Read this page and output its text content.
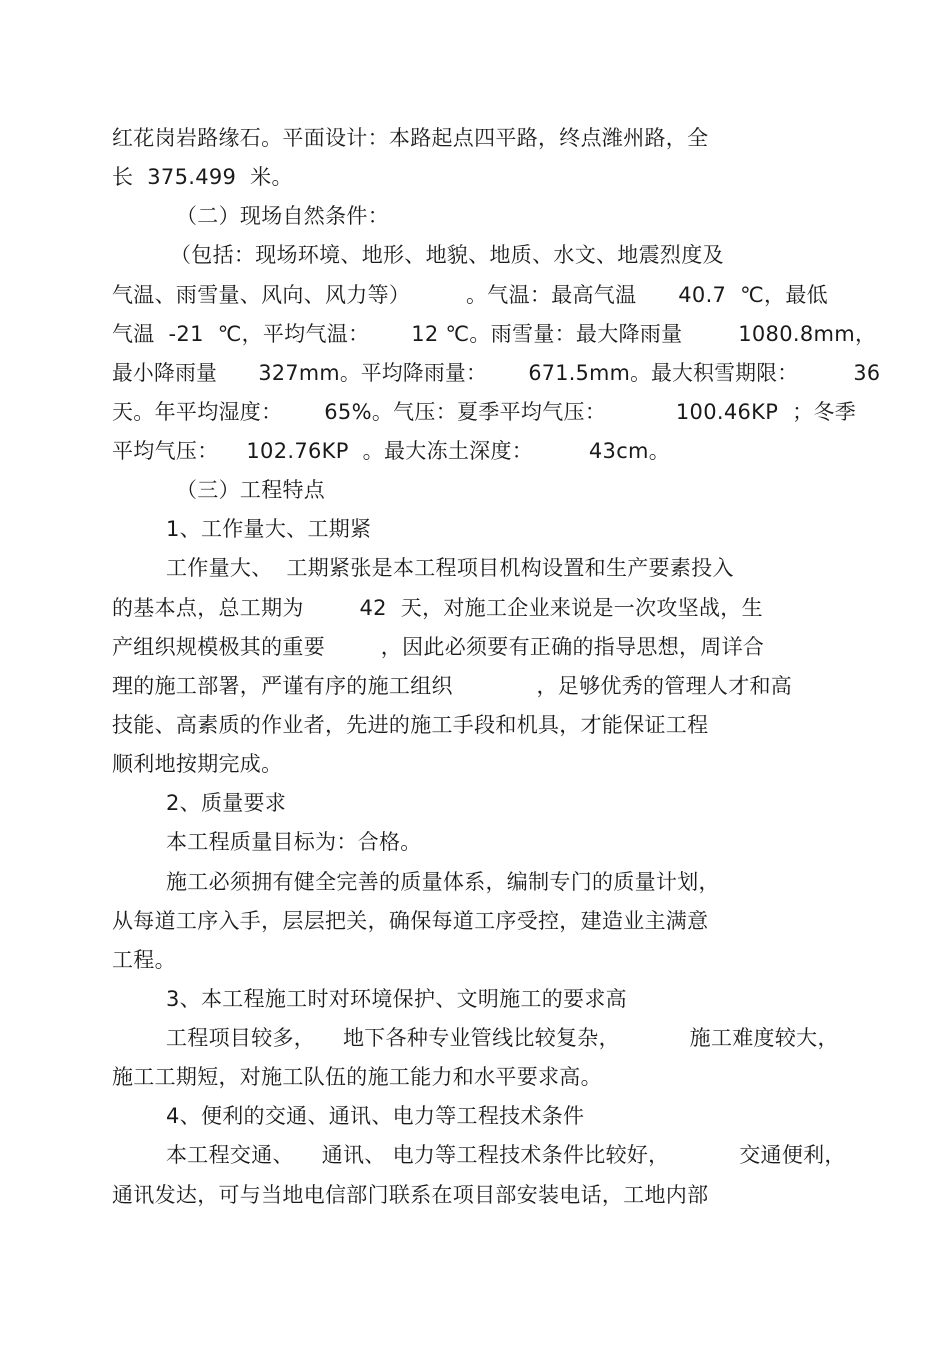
红花岗岩路缘石。平面设计：本路起点四平路，终点潍州路，全
长  375.499  米。
（二）现场自然条件：
（包括：现场环境、地形、地貌、地质、水文、地震烈度及
气温、雨雪量、风向、风力等）        。气温：最高气温      40.7  ℃，最低
气温  -21  ℃，平均气温：      12 ℃。雨雪量：最大降雨量        1080.8mm，
最小降雨量      327mm。平均降雨量：      671.5mm。最大积雪期限：        36
天。年平均湿度：      65%。气压：夏季平均气压：          100.46KP  ；冬季
平均气压：    102.76KP  。最大冻土深度：        43cm。
（三）工程特点
1、工作量大、工期紧
工作量大、  工期紧张是本工程项目机构设置和生产要素投入
的基本点，总工期为        42  天，对施工企业来说是一次攻坚战，生
产组织规模极其的重要        ，因此必须要有正确的指导思想，周详合
理的施工部署，严谨有序的施工组织            ，足够优秀的管理人才和高
技能、高素质的作业者，先进的施工手段和机具，才能保证工程
顺利地按期完成。
2、质量要求
本工程质量目标为：合格。
施工必须拥有健全完善的质量体系，编制专门的质量计划，
从每道工序入手，层层把关，确保每道工序受控，建造业主满意
工程。
3、本工程施工时对环境保护、文明施工的要求高
工程项目较多，    地下各种专业管线比较复杂，          施工难度较大，
施工工期短，对施工队伍的施工能力和水平要求高。
4、便利的交通、通讯、电力等工程技术条件
本工程交通、    通讯、 电力等工程技术条件比较好，          交通便利，
通讯发达，可与当地电信部门联系在项目部安装电话，工地内部
